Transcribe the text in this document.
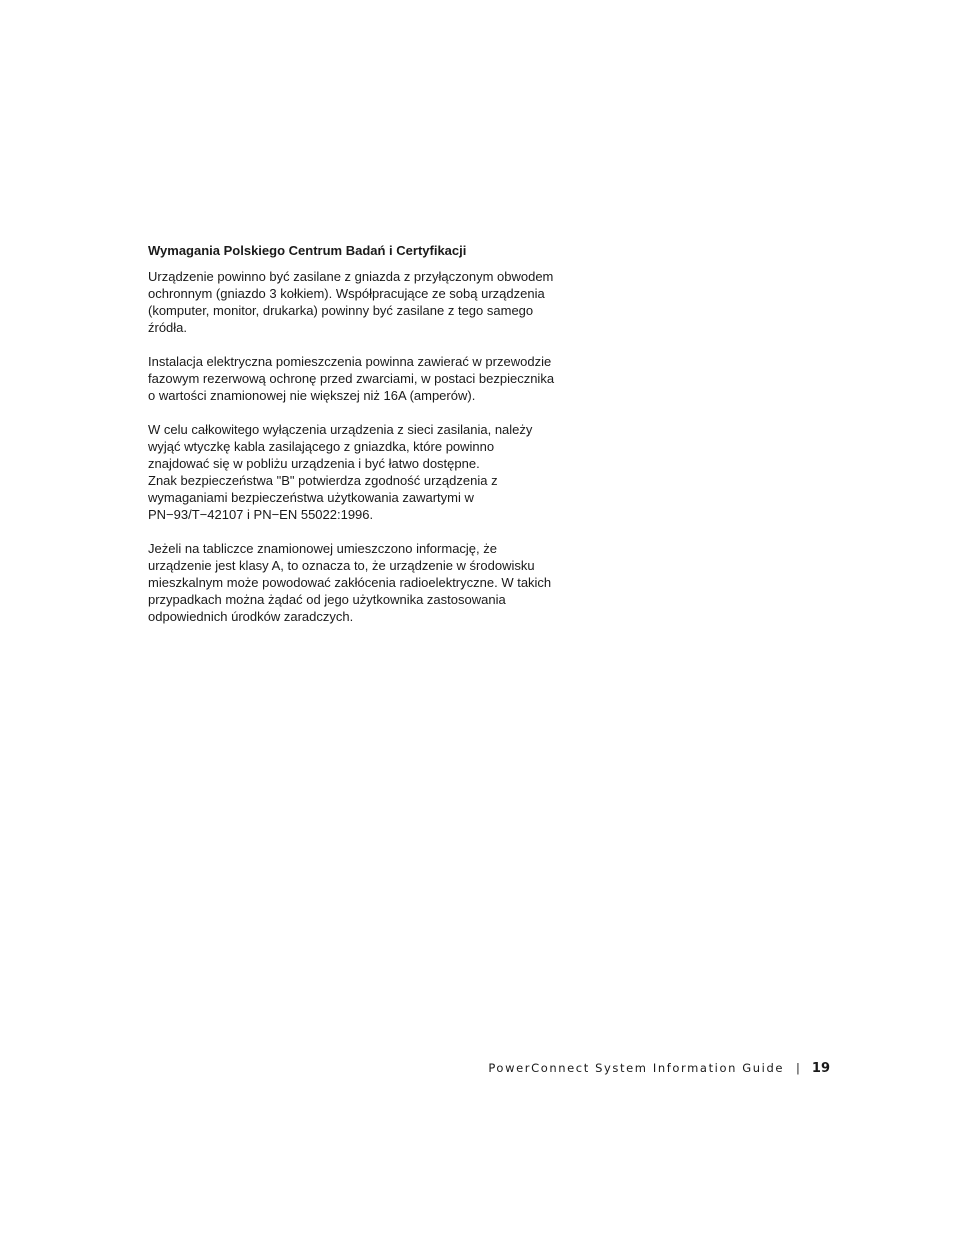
Wymagania Polskiego Centrum Badań i Certyfikacji
Urządzenie powinno być zasilane z gniazda z przyłączonym obwodem
ochronnym (gniazdo 3 kołkiem). Współpracujące ze sobą urządzenia
(komputer, monitor, drukarka) powinny być zasilane z tego samego
źródła.
Instalacja elektryczna pomieszczenia powinna zawierać w przewodzie
fazowym rezerwową ochronę przed zwarciami, w postaci bezpiecznika
o wartości znamionowej nie większej niż 16A (amperów).
W celu całkowitego wyłączenia urządzenia z sieci zasilania, należy
wyjąć wtyczkę kabla zasilającego z gniazdka, które powinno
znajdować się w pobliżu urządzenia i być łatwo dostępne.
Znak bezpieczeństwa "B" potwierdza zgodność urządzenia z
wymaganiami bezpieczeństwa użytkowania zawartymi w
PN−93/T−42107 i PN−EN 55022:1996.
Jeżeli na tabliczce znamionowej umieszczono informację, że
urządzenie jest klasy A, to oznacza to, że urządzenie w środowisku
mieszkalnym może powodować zakłócenia radioelektryczne. W takich
przypadkach można żądać od jego użytkownika zastosowania
odpowiednich úrodków zaradczych.
PowerConnect System Information Guide | 19
